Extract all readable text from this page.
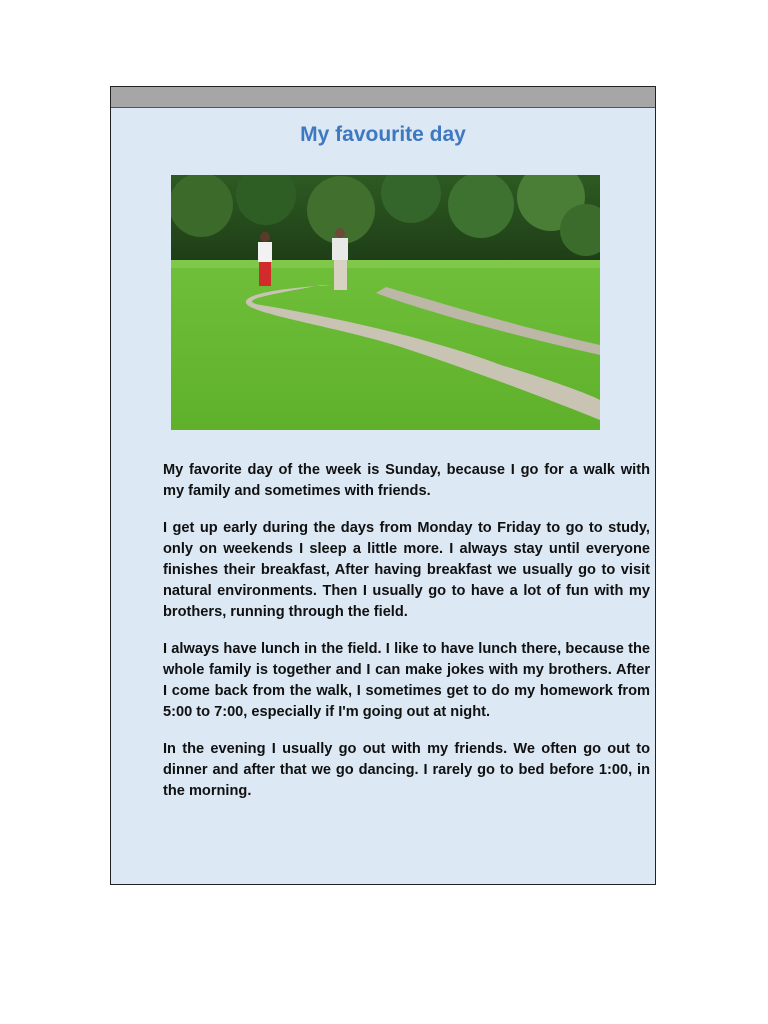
My favourite day

My favorite day of the week is Sunday, because I go for a walk with my family and sometimes with friends.

I get up early during the days from Monday to Friday to go to study, only on weekends I sleep a little more. I always stay until everyone finishes their breakfast, After having breakfast we usually go to visit natural environments. Then I usually go to have a lot of fun with my brothers, running through the field.

I always have lunch in the field. I like to have lunch there, because the whole family is together and I can make jokes with my brothers. After I come back from the walk, I sometimes get to do my homework from 5:00 to 7:00, especially if I'm going out at night.

In the evening I usually go out with my friends. We often go out to dinner and after that we go dancing. I rarely go to bed before 1:00, in the morning.
